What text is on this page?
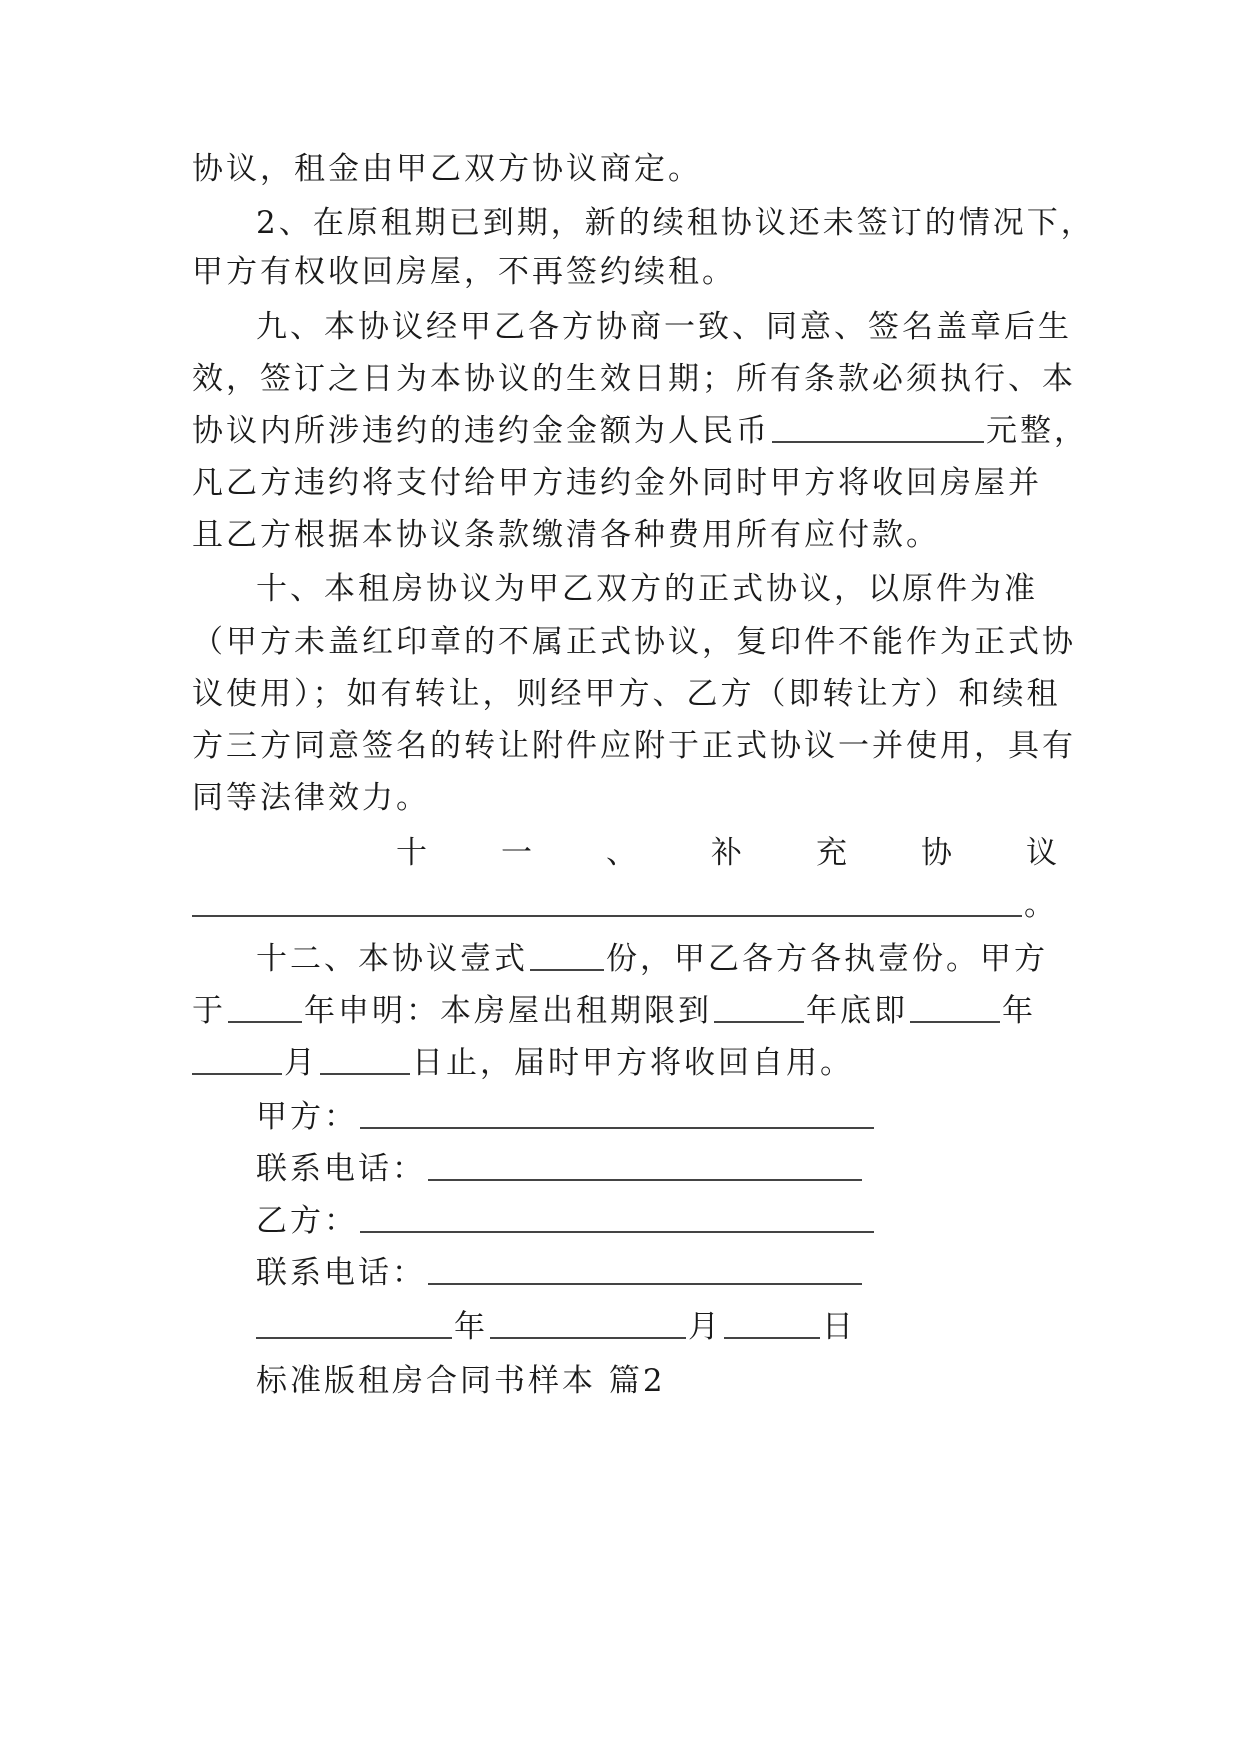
协议，租金由甲乙双方协议商定。
2、在原租期已到期，新的续租协议还未签订的情况下，
甲方有权收回房屋，不再签约续租。
九、本协议经甲乙各方协商一致、同意、签名盖章后生
效，签订之日为本协议的生效日期；所有条款必须执行、本
协议内所涉违约的违约金金额为人民币	元整，
凡乙方违约将支付给甲方违约金外同时甲方将收回房屋并
且乙方根据本协议条款缴清各种费用所有应付款。
十、本租房协议为甲乙双方的正式协议，以原件为准
（甲方未盖红印章的不属正式协议，复印件不能作为正式协
议使用）；如有转让，则经甲方、乙方（即转让方）和续租
方三方同意签名的转让附件应附于正式协议一并使用，具有
同等法律效力。
十 一 、 补 充 协 议
。
十二、本协议壹式	份，甲乙各方各执壹份。甲方
于	年申明：本房屋出租期限到	年底即	年
月	日止，届时甲方将收回自用。
甲方：
联系电话：
乙方：
联系电话：
年	月	日
标准版租房合同书样本 篇2
